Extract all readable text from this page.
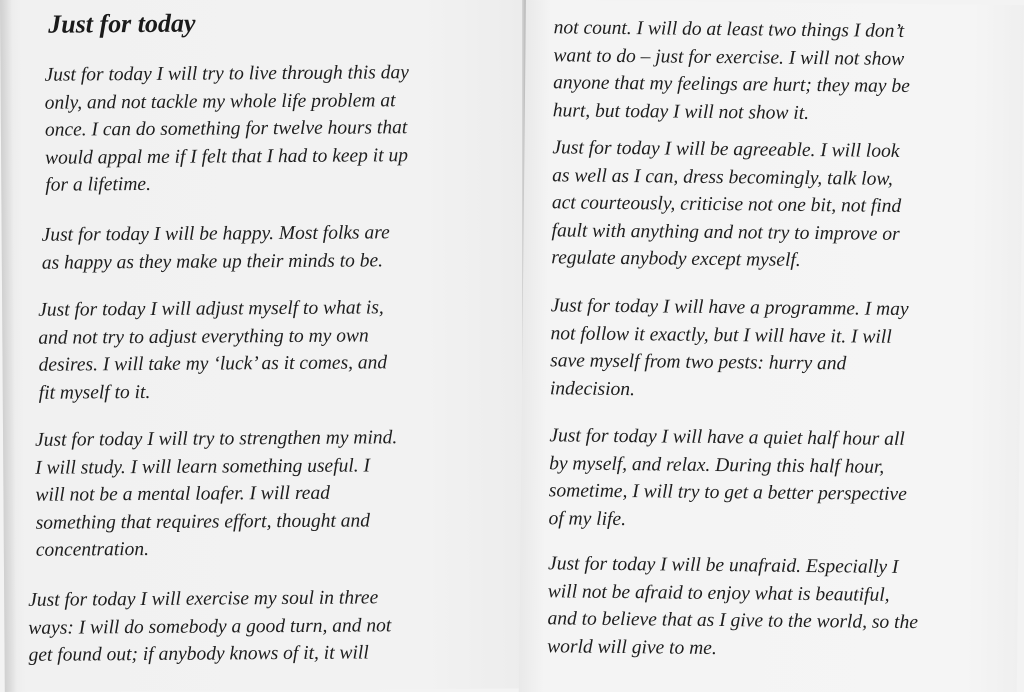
Just for today

Just for today I will try to live through this day
only, and not tackle my whole life problem at
once. I can do something for twelve hours that
would appal me if I felt that I had to keep it up
for a lifetime.

Just for today I will be happy. Most folks are
as happy as they make up their minds to be.

Just for today I will adjust myself to what is,
and not try to adjust everything to my own
desires. I will take my ‘luck’ as it comes, and
fit myself to it.

Just for today I will try to strengthen my mind.
I will study. I will learn something useful. I
will not be a mental loafer. I will read
something that requires effort, thought and
concentration.

Just for today I will exercise my soul in three
ways: I will do somebody a good turn, and not
get found out; if anybody knows of it, it will

not count. I will do at least two things I don’t
want to do – just for exercise. I will not show
anyone that my feelings are hurt; they may be
hurt, but today I will not show it.

Just for today I will be agreeable. I will look
as well as I can, dress becomingly, talk low,
act courteously, criticise not one bit, not find
fault with anything and not try to improve or
regulate anybody except myself.

Just for today I will have a programme. I may
not follow it exactly, but I will have it. I will
save myself from two pests: hurry and
indecision.

Just for today I will have a quiet half hour all
by myself, and relax. During this half hour,
sometime, I will try to get a better perspective
of my life.

Just for today I will be unafraid. Especially I
will not be afraid to enjoy what is beautiful,
and to believe that as I give to the world, so the
world will give to me.
